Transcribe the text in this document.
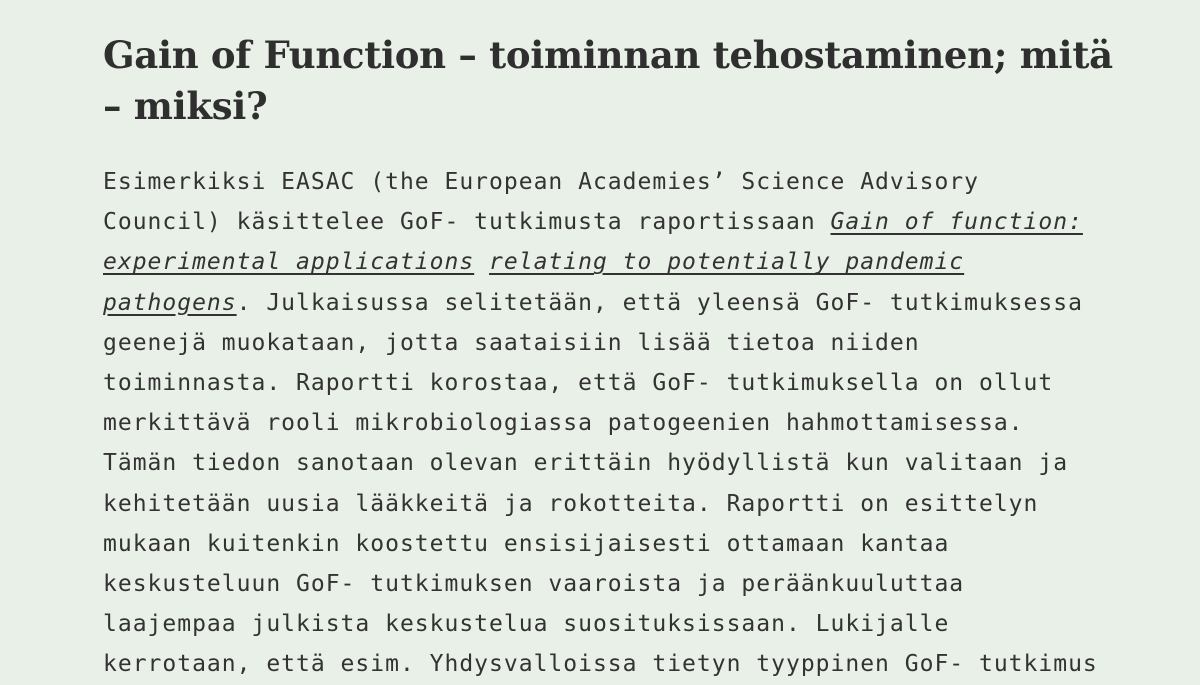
Gain of Function – toiminnan tehostaminen; mitä – miksi?
Esimerkiksi EASAC (the European Academies’ Science Advisory
Council) käsittelee GoF- tutkimusta raportissaan Gain of function:
experimental applications relating to potentially pandemic
pathogens. Julkaisussa selitetään, että yleensä GoF- tutkimuksessa
geenejä muokataan, jotta saataisiin lisää tietoa niiden
toiminnasta. Raportti korostaa, että GoF- tutkimuksella on ollut
merkittävä rooli mikrobiologiassa patogeenien hahmottamisessa.
Tämän tiedon sanotaan olevan erittäin hyödyllistä kun valitaan ja
kehitetään uusia lääkkeitä ja rokotteita. Raportti on esittelyn
mukaan kuitenkin koostettu ensisijaisesti ottamaan kantaa
keskusteluun GoF- tutkimuksen vaaroista ja peräänkuuluttaa
laajempaa julkista keskustelua suosituksissaan. Lukijalle
kerrotaan, että esim. Yhdysvalloissa tietyn tyyppinen GoF- tutkimus
